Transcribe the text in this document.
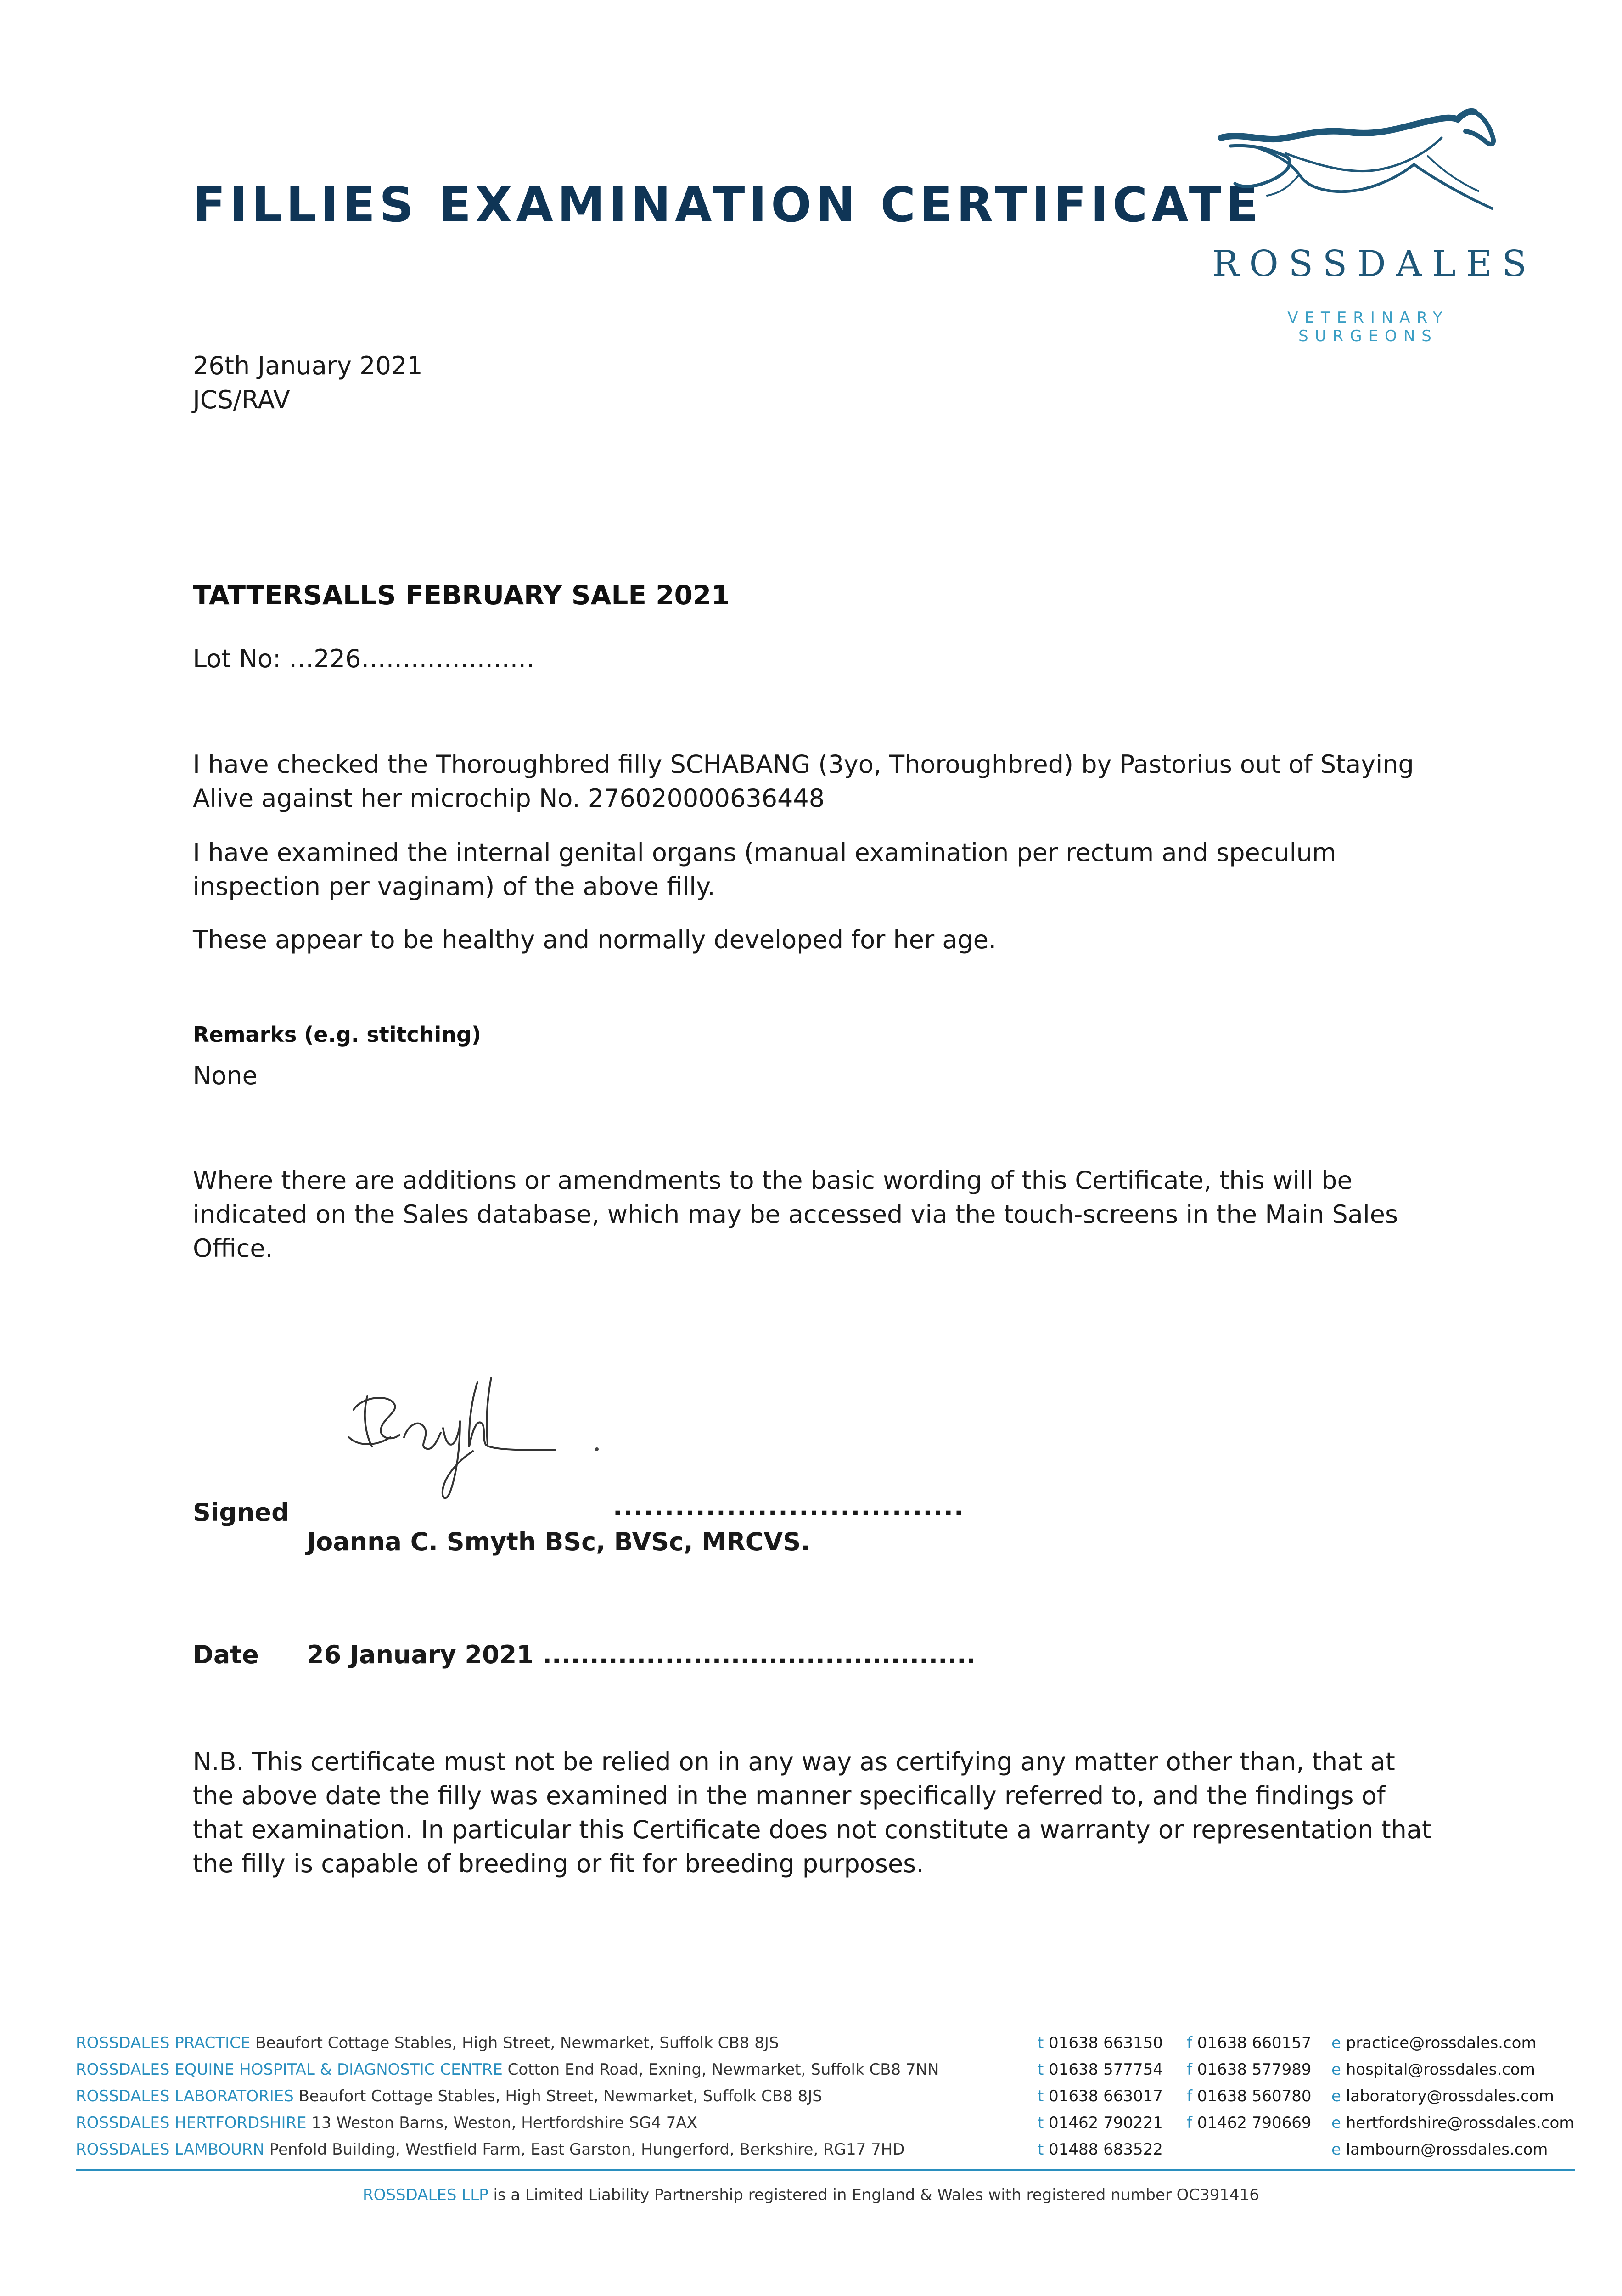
FILLIES EXAMINATION CERTIFICATE
ROSSDALES
VETERINARY SURGEONS
26th January 2021
JCS/RAV
TATTERSALLS FEBRUARY SALE 2021
Lot No: …226…………………
I have checked the Thoroughbred filly SCHABANG (3yo, Thoroughbred) by Pastorius out of Staying Alive against her microchip No. 276020000636448
I have examined the internal genital organs (manual examination per rectum and speculum inspection per vaginam) of the above filly.
These appear to be healthy and normally developed for her age.
Remarks (e.g. stitching)
None
Where there are additions or amendments to the basic wording of this Certificate, this will be indicated on the Sales database, which may be accessed via the touch-screens in the Main Sales Office.
Signed	..................................
Joanna C. Smyth BSc, BVSc, MRCVS.
Date 26 January 2021 ..............................................
N.B. This certificate must not be relied on in any way as certifying any matter other than, that at the above date the filly was examined in the manner specifically referred to, and the findings of that examination. In particular this Certificate does not constitute a warranty or representation that the filly is capable of breeding or fit for breeding purposes.
ROSSDALES PRACTICE Beaufort Cottage Stables, High Street, Newmarket, Suffolk CB8 8JS	t 01638 663150 f 01638 660157 e practice@rossdales.com
ROSSDALES EQUINE HOSPITAL & DIAGNOSTIC CENTRE Cotton End Road, Exning, Newmarket, Suffolk CB8 7NN	t 01638 577754 f 01638 577989 e hospital@rossdales.com
ROSSDALES LABORATORIES Beaufort Cottage Stables, High Street, Newmarket, Suffolk CB8 8JS	t 01638 663017 f 01638 560780 e laboratory@rossdales.com
ROSSDALES HERTFORDSHIRE 13 Weston Barns, Weston, Hertfordshire SG4 7AX	t 01462 790221 f 01462 790669 e hertfordshire@rossdales.com
ROSSDALES LAMBOURN Penfold Building, Westfield Farm, East Garston, Hungerford, Berkshire, RG17 7HD	t 01488 683522	e lambourn@rossdales.com
ROSSDALES LLP is a Limited Liability Partnership registered in England & Wales with registered number OC391416
